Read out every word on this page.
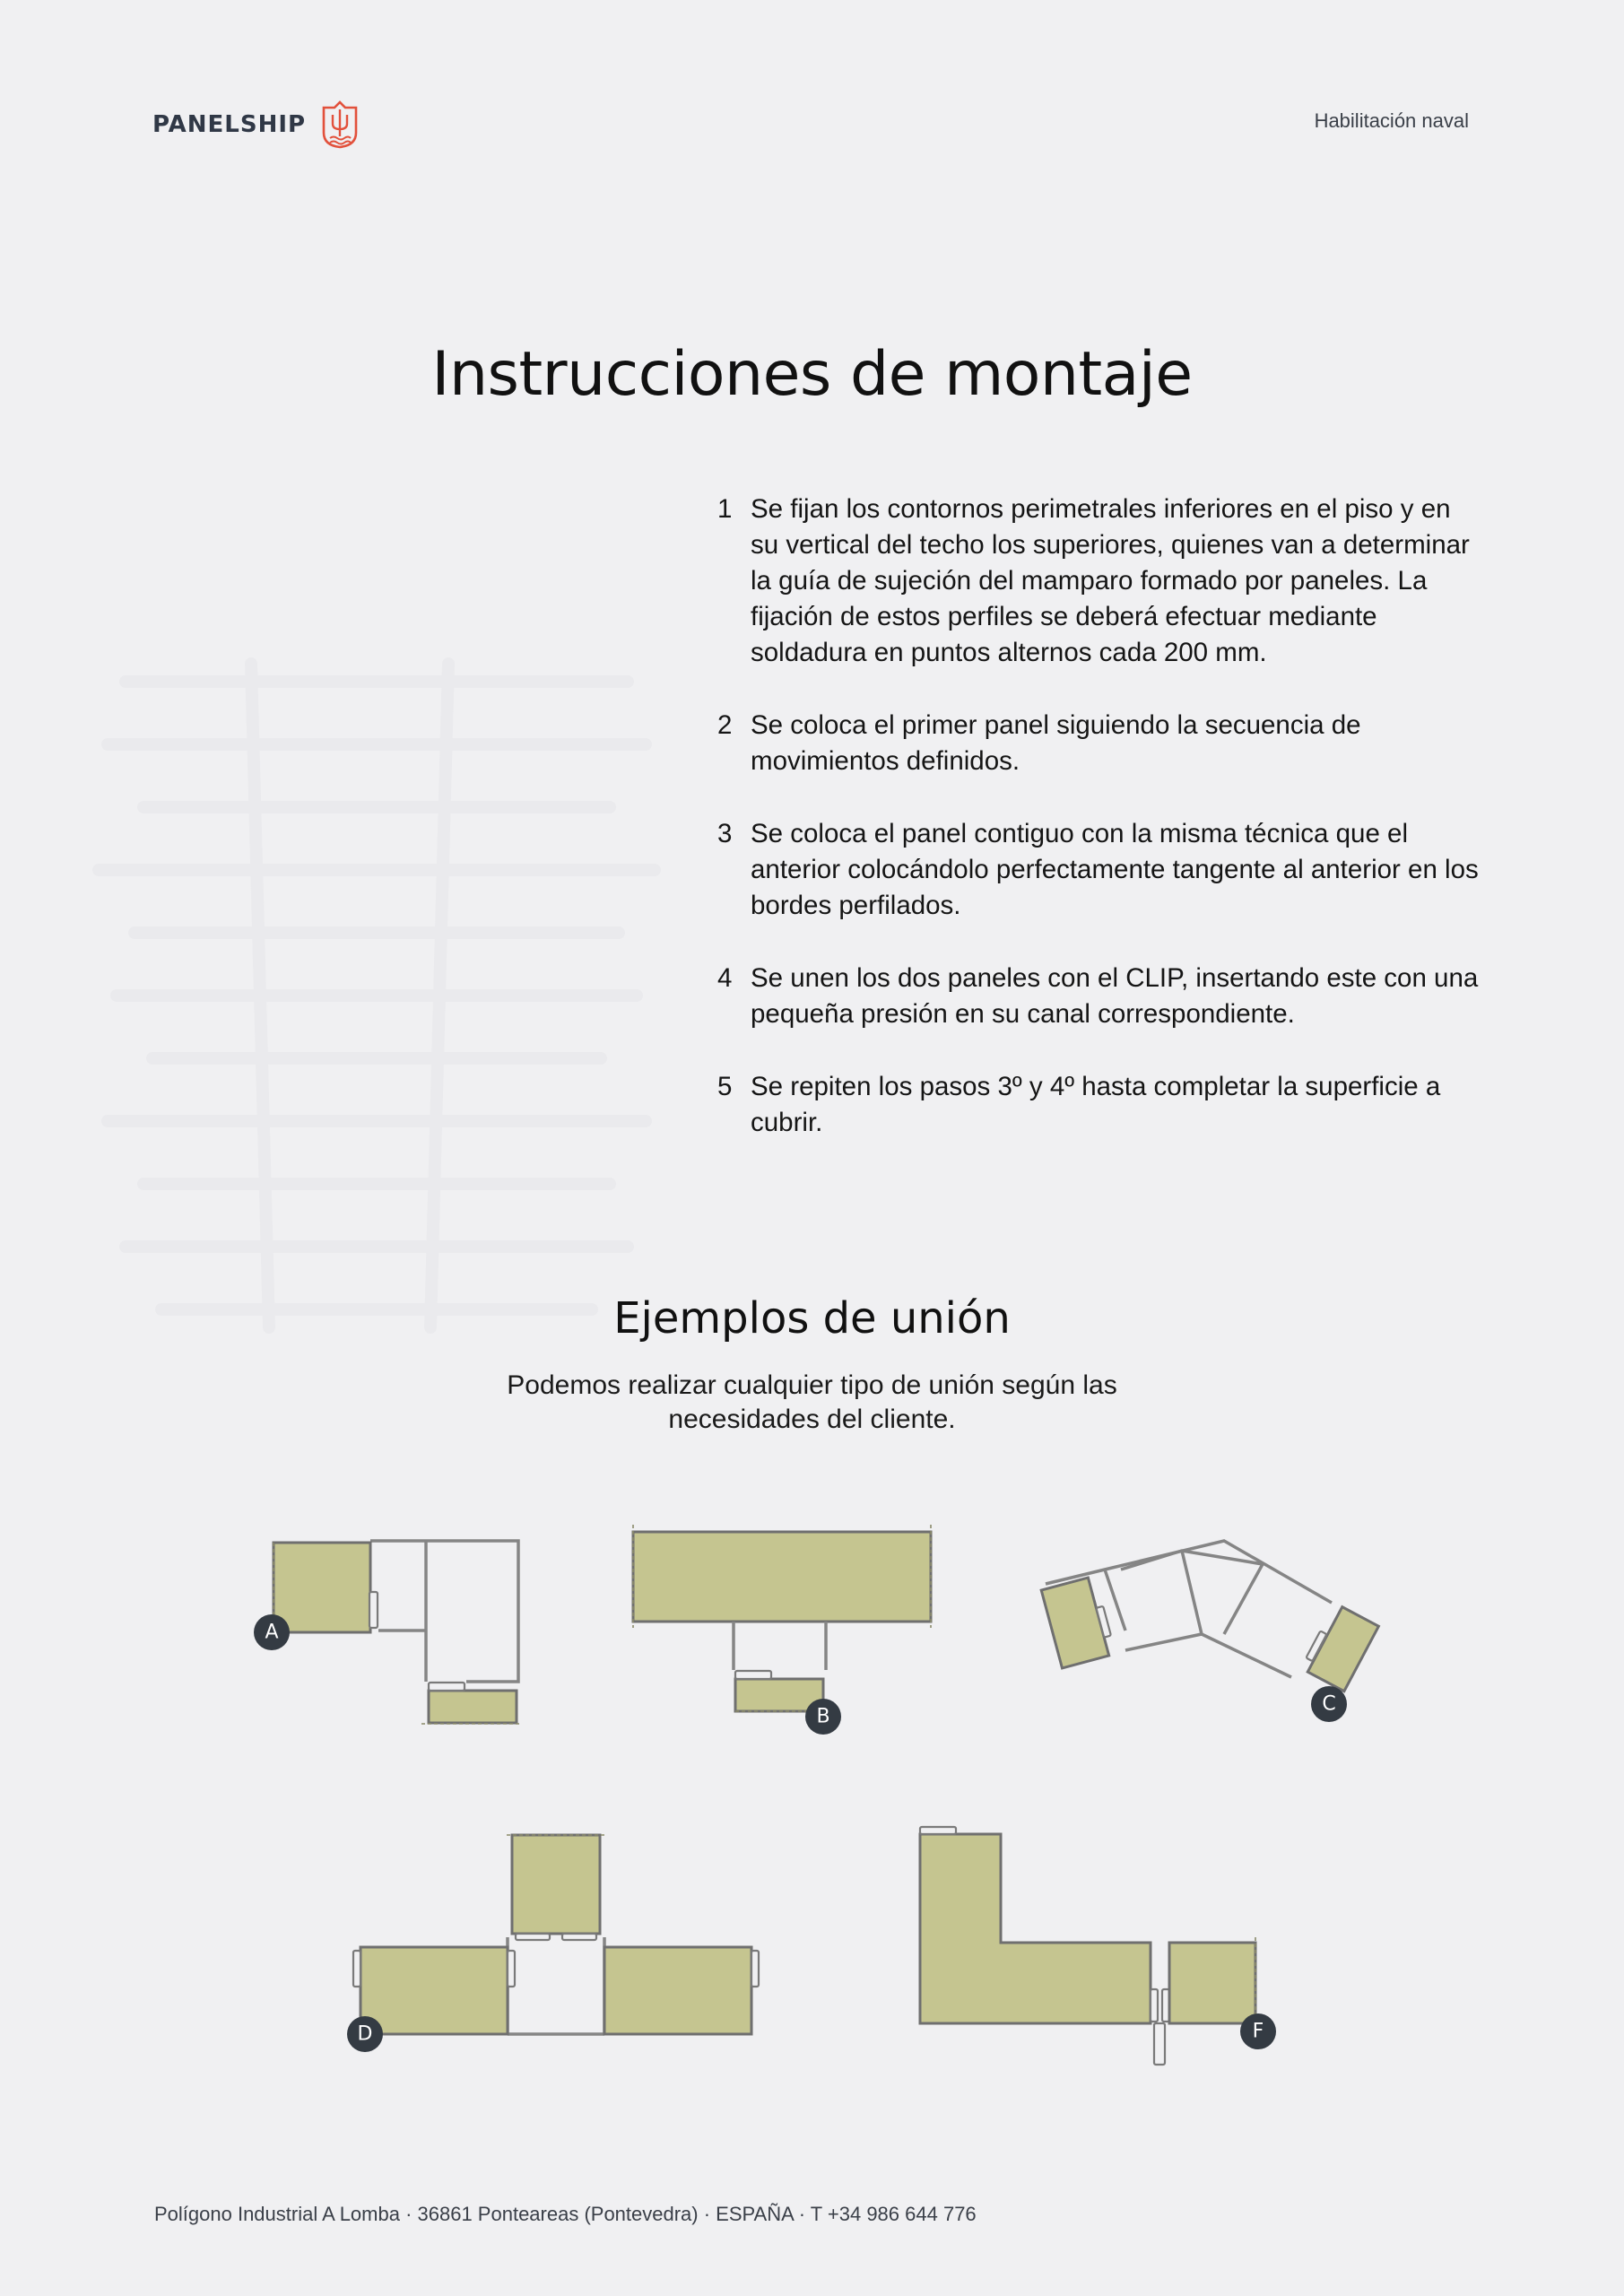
PANELSHIP	Habilitación naval
Instrucciones de montaje
1 Se fijan los contornos perimetrales inferiores en el piso y en su vertical del techo los superiores, quienes van a determinar la guía de sujeción del mamparo formado por paneles. La fijación de estos perfiles se deberá efectuar mediante soldadura en puntos alternos cada 200 mm.
2 Se coloca el primer panel siguiendo la secuencia de movimientos definidos.
3 Se coloca el panel contiguo con la misma técnica que el anterior colocándolo perfectamente tangente al anterior en los bordes perfilados.
4 Se unen los dos paneles con el CLIP, insertando este con una pequeña presión en su canal correspondiente.
5 Se repiten los pasos 3º y 4º hasta completar la superficie a cubrir.
Ejemplos de unión
Podemos realizar cualquier tipo de unión según las necesidades del cliente.
A
B
C
D	F
Polígono Industrial A Lomba · 36861 Ponteareas (Pontevedra) · ESPAÑA · T +34 986 644 776
